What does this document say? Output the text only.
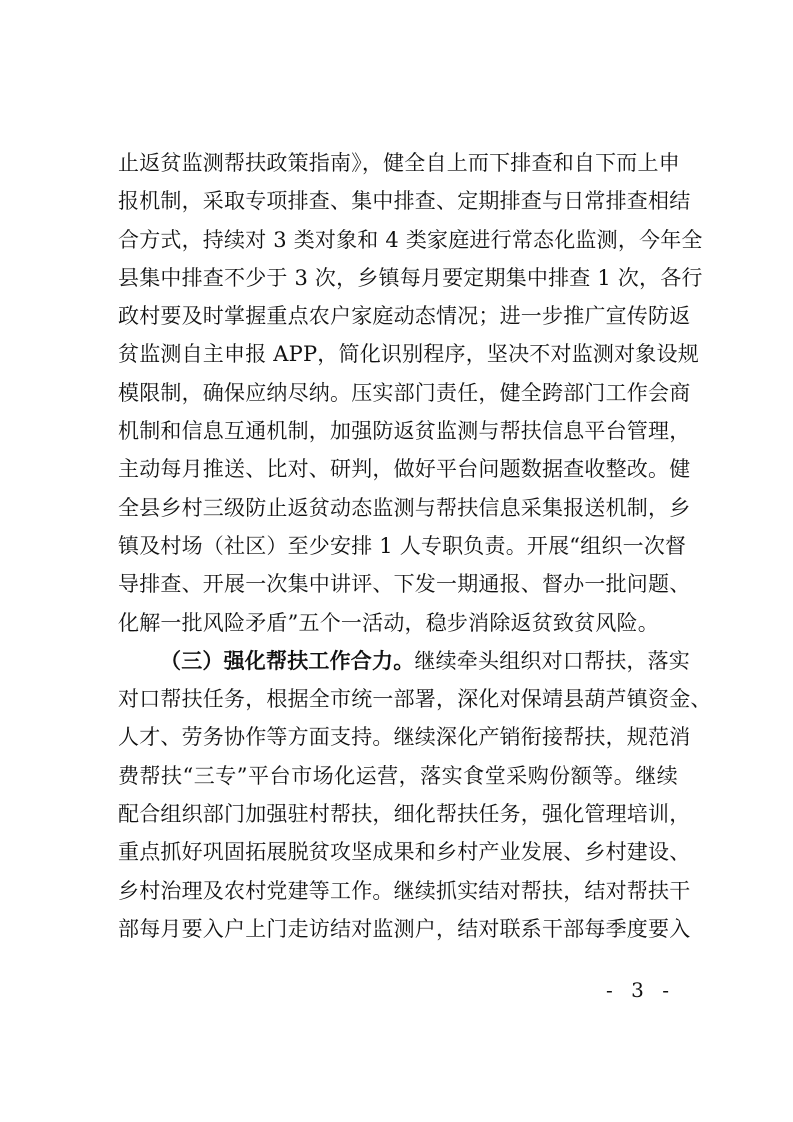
止返贫监测帮扶政策指南》，健全自上而下排查和自下而上申
报机制，采取专项排查、集中排查、定期排查与日常排查相结
合方式，持续对 3 类对象和 4 类家庭进行常态化监测，今年全
县集中排查不少于 3 次，乡镇每月要定期集中排查 1 次，各行
政村要及时掌握重点农户家庭动态情况；进一步推广宣传防返
贫监测自主申报 APP，简化识别程序，坚决不对监测对象设规
模限制，确保应纳尽纳。压实部门责任，健全跨部门工作会商
机制和信息互通机制，加强防返贫监测与帮扶信息平台管理，
主动每月推送、比对、研判，做好平台问题数据查收整改。健
全县乡村三级防止返贫动态监测与帮扶信息采集报送机制，乡
镇及村场（社区）至少安排 1 人专职负责。开展“组织一次督
导排查、开展一次集中讲评、下发一期通报、督办一批问题、
化解一批风险矛盾”五个一活动，稳步消除返贫致贫风险。
（三）强化帮扶工作合力。继续牵头组织对口帮扶，落实
对口帮扶任务，根据全市统一部署，深化对保靖县葫芦镇资金、
人才、劳务协作等方面支持。继续深化产销衔接帮扶，规范消
费帮扶“三专”平台市场化运营，落实食堂采购份额等。继续
配合组织部门加强驻村帮扶，细化帮扶任务，强化管理培训，
重点抓好巩固拓展脱贫攻坚成果和乡村产业发展、乡村建设、
乡村治理及农村党建等工作。继续抓实结对帮扶，结对帮扶干
部每月要入户上门走访结对监测户，结对联系干部每季度要入
- 3 -
